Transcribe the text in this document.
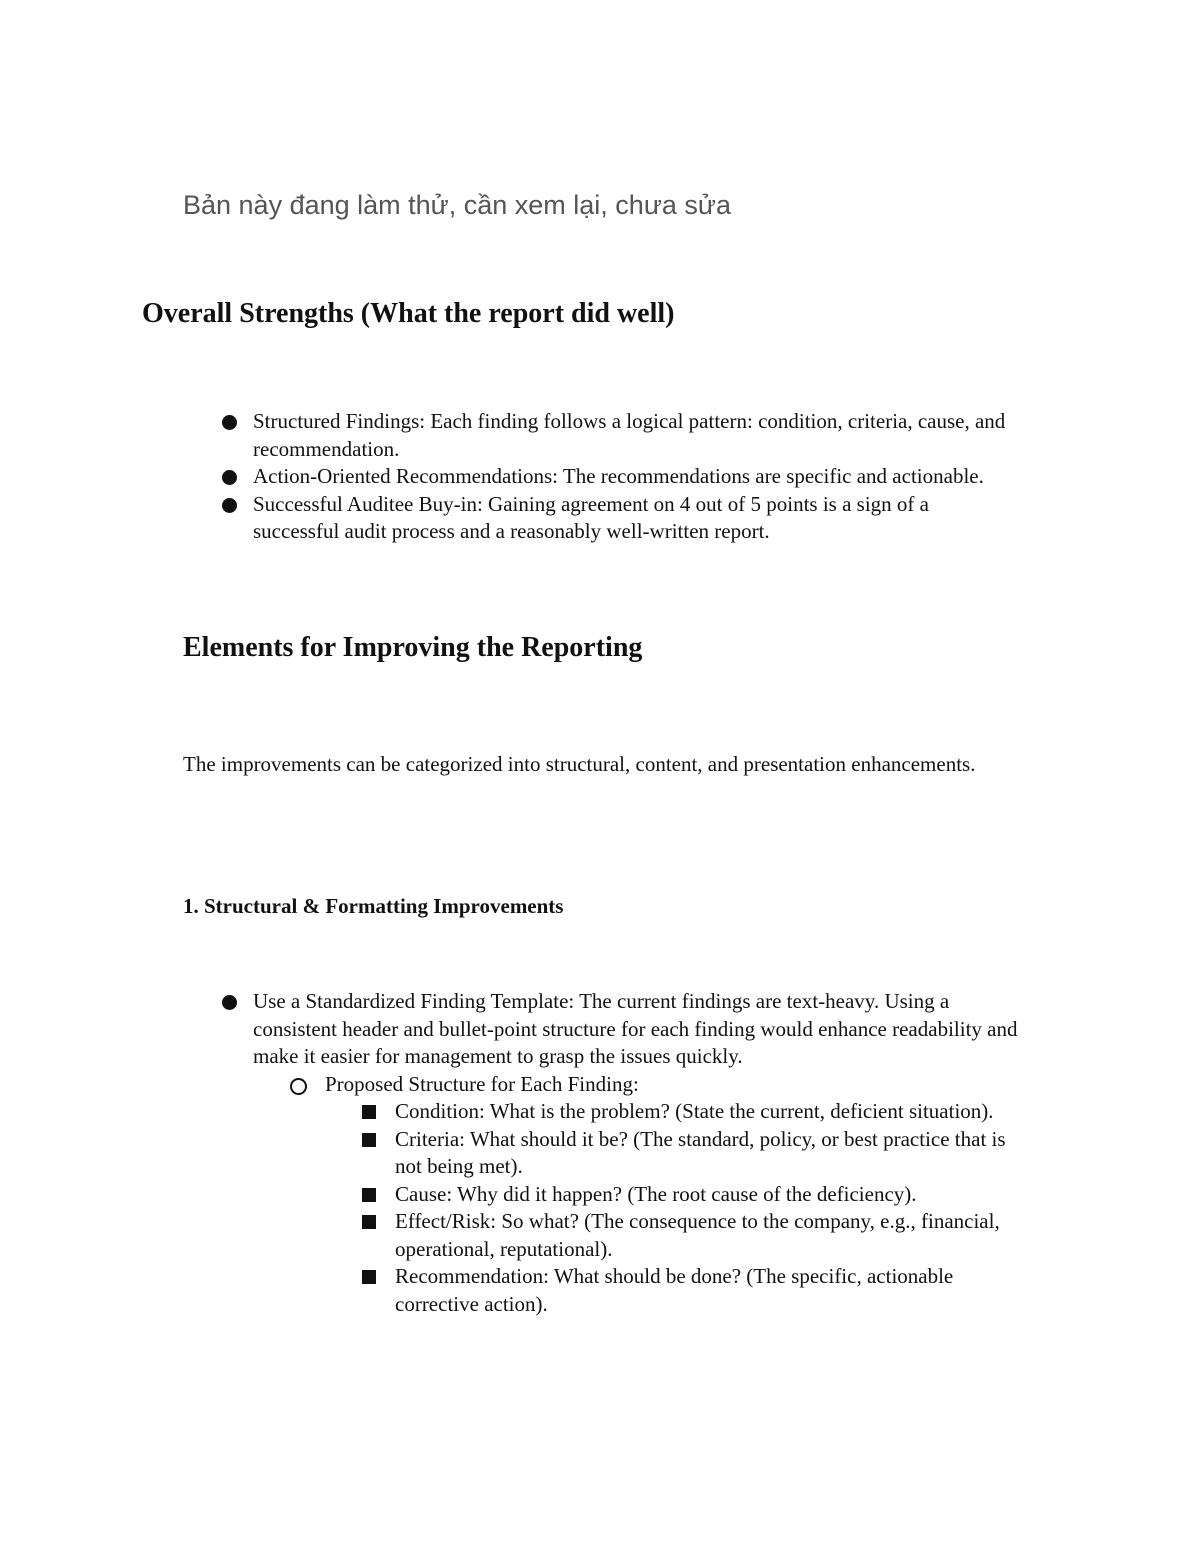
Bản này đang làm thử, cần xem lại, chưa sửa
Overall Strengths (What the report did well)
Structured Findings: Each finding follows a logical pattern: condition, criteria, cause, and recommendation.
Action-Oriented Recommendations: The recommendations are specific and actionable.
Successful Auditee Buy-in: Gaining agreement on 4 out of 5 points is a sign of a successful audit process and a reasonably well-written report.
Elements for Improving the Reporting

The improvements can be categorized into structural, content, and presentation enhancements.

1. Structural & Formatting Improvements
Use a Standardized Finding Template: The current findings are text-heavy. Using a consistent header and bullet-point structure for each finding would enhance readability and make it easier for management to grasp the issues quickly.
Proposed Structure for Each Finding:
Condition: What is the problem? (State the current, deficient situation).
Criteria: What should it be? (The standard, policy, or best practice that is not being met).
Cause: Why did it happen? (The root cause of the deficiency).
Effect/Risk: So what? (The consequence to the company, e.g., financial, operational, reputational).
Recommendation: What should be done? (The specific, actionable corrective action).
